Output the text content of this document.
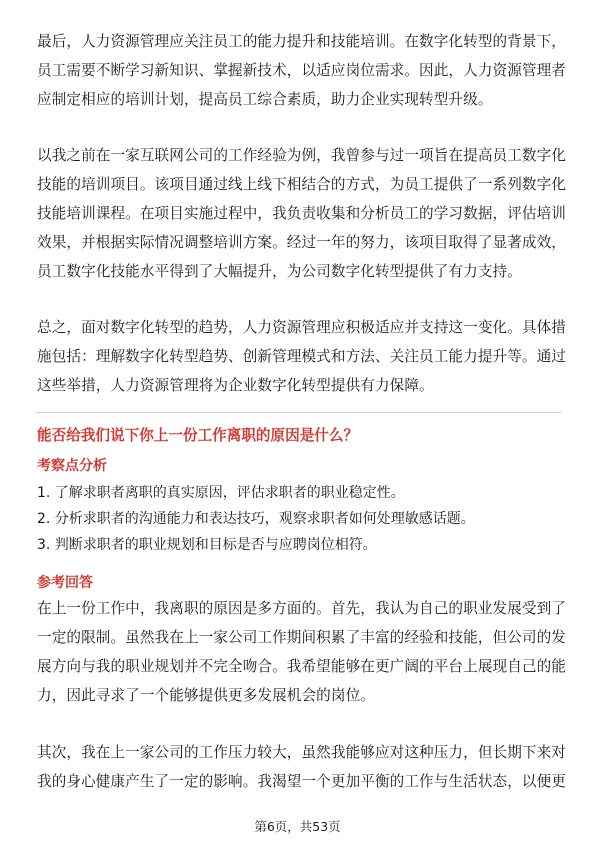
最后，人力资源管理应关注员工的能力提升和技能培训。在数字化转型的背景下，
员工需要不断学习新知识、掌握新技术，以适应岗位需求。因此，人力资源管理者
应制定相应的培训计划，提高员工综合素质，助力企业实现转型升级。

以我之前在一家互联网公司的工作经验为例，我曾参与过一项旨在提高员工数字化
技能的培训项目。该项目通过线上线下相结合的方式，为员工提供了一系列数字化
技能培训课程。在项目实施过程中，我负责收集和分析员工的学习数据，评估培训
效果，并根据实际情况调整培训方案。经过一年的努力，该项目取得了显著成效，
员工数字化技能水平得到了大幅提升，为公司数字化转型提供了有力支持。

总之，面对数字化转型的趋势，人力资源管理应积极适应并支持这一变化。具体措
施包括：理解数字化转型趋势、创新管理模式和方法、关注员工能力提升等。通过
这些举措，人力资源管理将为企业数字化转型提供有力保障。

能否给我们说下你上一份工作离职的原因是什么？
考察点分析
1. 了解求职者离职的真实原因，评估求职者的职业稳定性。
2. 分析求职者的沟通能力和表达技巧，观察求职者如何处理敏感话题。
3. 判断求职者的职业规划和目标是否与应聘岗位相符。
参考回答

在上一份工作中，我离职的原因是多方面的。首先，我认为自己的职业发展受到了
一定的限制。虽然我在上一家公司工作期间积累了丰富的经验和技能，但公司的发
展方向与我的职业规划并不完全吻合。我希望能够在更广阔的平台上展现自己的能
力，因此寻求了一个能够提供更多发展机会的岗位。

其次，我在上一家公司的工作压力较大，虽然我能够应对这种压力，但长期下来对
我的身心健康产生了一定的影响。我渴望一个更加平衡的工作与生活状态，以便更

第6页，共53页
